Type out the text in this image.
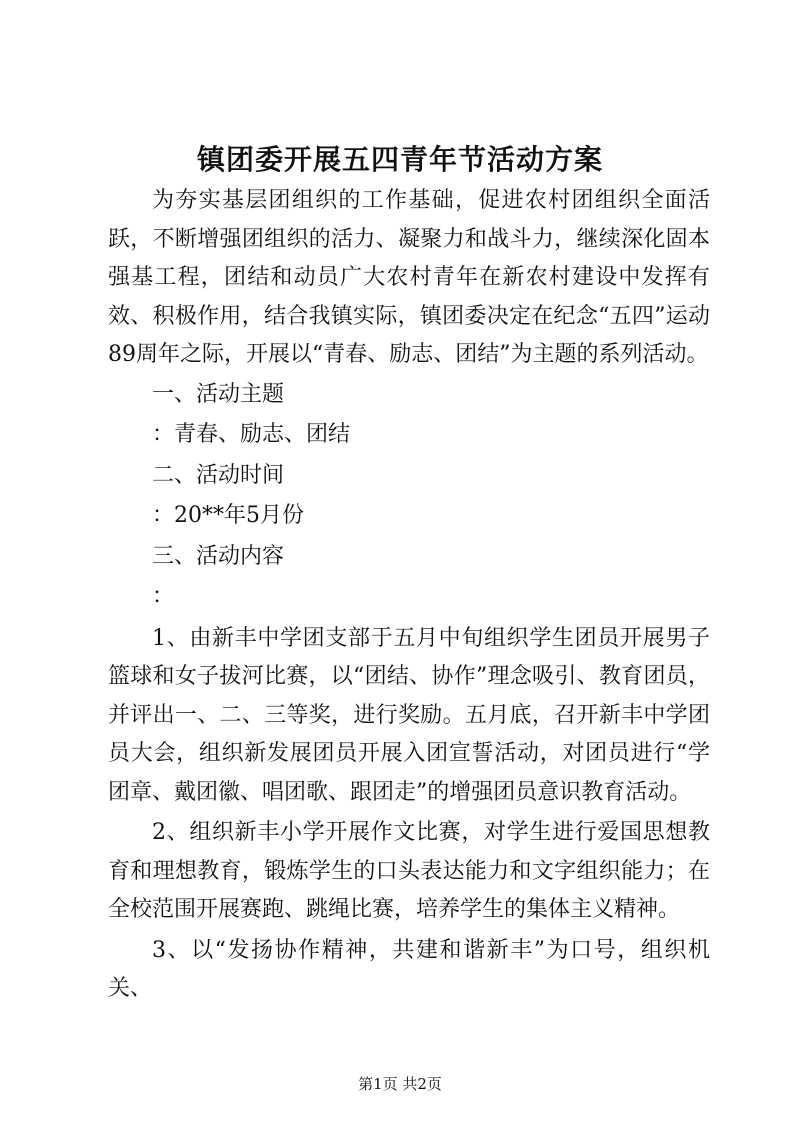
镇团委开展五四青年节活动方案

为夯实基层团组织的工作基础，促进农村团组织全面活跃，不断增强团组织的活力、凝聚力和战斗力，继续深化固本强基工程，团结和动员广大农村青年在新农村建设中发挥有效、积极作用，结合我镇实际，镇团委决定在纪念“五四”运动89周年之际，开展以“青春、励志、团结”为主题的系列活动。

一、活动主题

：青春、励志、团结

二、活动时间

：20**年5月份

三、活动内容

：

1、由新丰中学团支部于五月中旬组织学生团员开展男子篮球和女子拔河比赛，以“团结、协作”理念吸引、教育团员，并评出一、二、三等奖，进行奖励。五月底，召开新丰中学团员大会，组织新发展团员开展入团宣誓活动，对团员进行“学团章、戴团徽、唱团歌、跟团走”的增强团员意识教育活动。

2、组织新丰小学开展作文比赛，对学生进行爱国思想教育和理想教育，锻炼学生的口头表达能力和文字组织能力；在全校范围开展赛跑、跳绳比赛，培养学生的集体主义精神。

3、以“发扬协作精神，共建和谐新丰”为口号，组织机关、

第1页 共2页
